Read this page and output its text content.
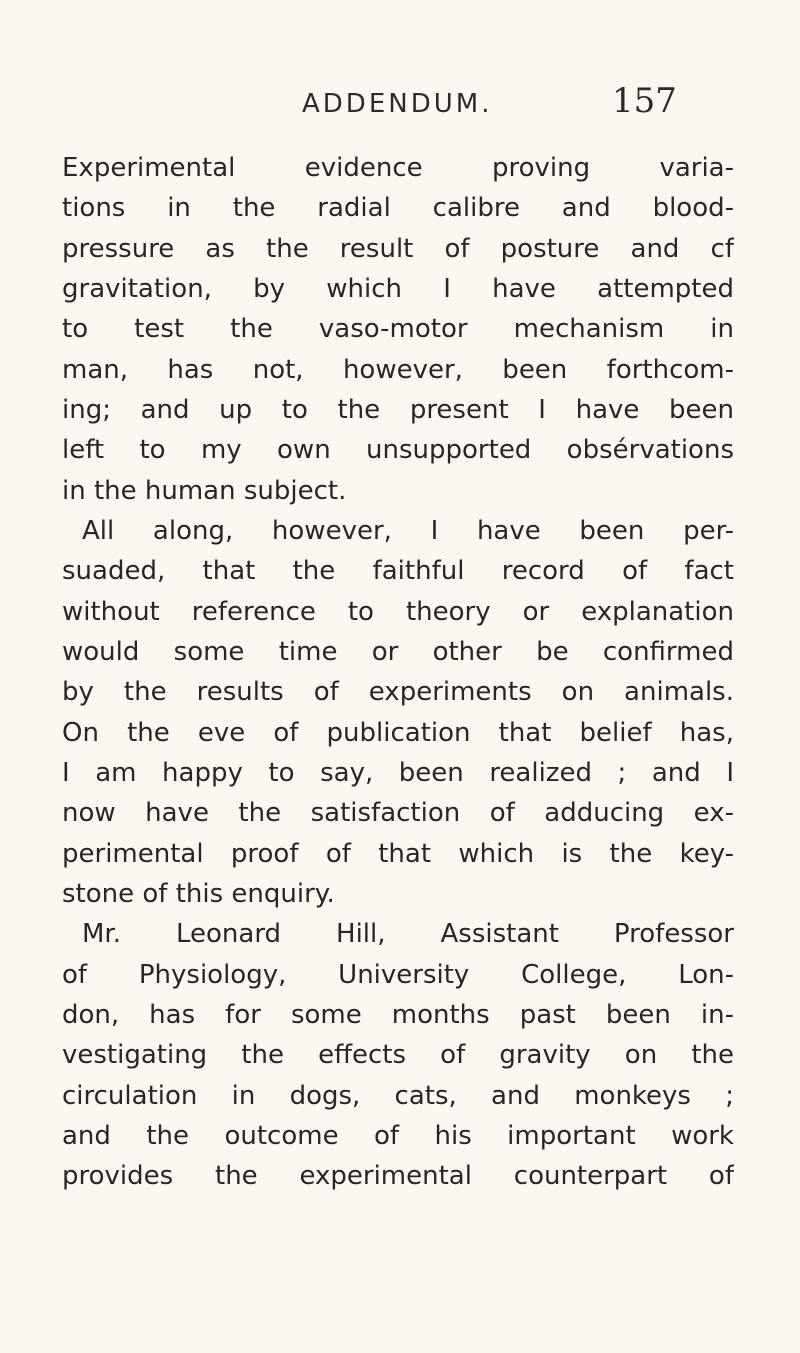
ADDENDUM.	157
Experimental evidence proving varia-
tions in the radial calibre and blood-
pressure as the result of posture and cf
gravitation, by which I have attempted
to test the vaso-motor mechanism in
man, has not, however, been forthcom-
ing; and up to the present I have been
left to my own unsupported obsérvations
in the human subject.
All along, however, I have been per-
suaded, that the faithful record of fact
without reference to theory or explanation
would some time or other be confirmed
by the results of experiments on animals.
On the eve of publication that belief has,
I am happy to say, been realized ; and I
now have the satisfaction of adducing ex-
perimental proof of that which is the key-
stone of this enquiry.
Mr. Leonard Hill, Assistant Professor
of Physiology, University College, Lon-
don, has for some months past been in-
vestigating the effects of gravity on the
circulation in dogs, cats, and monkeys ;
and the outcome of his important work
provides the experimental counterpart of
